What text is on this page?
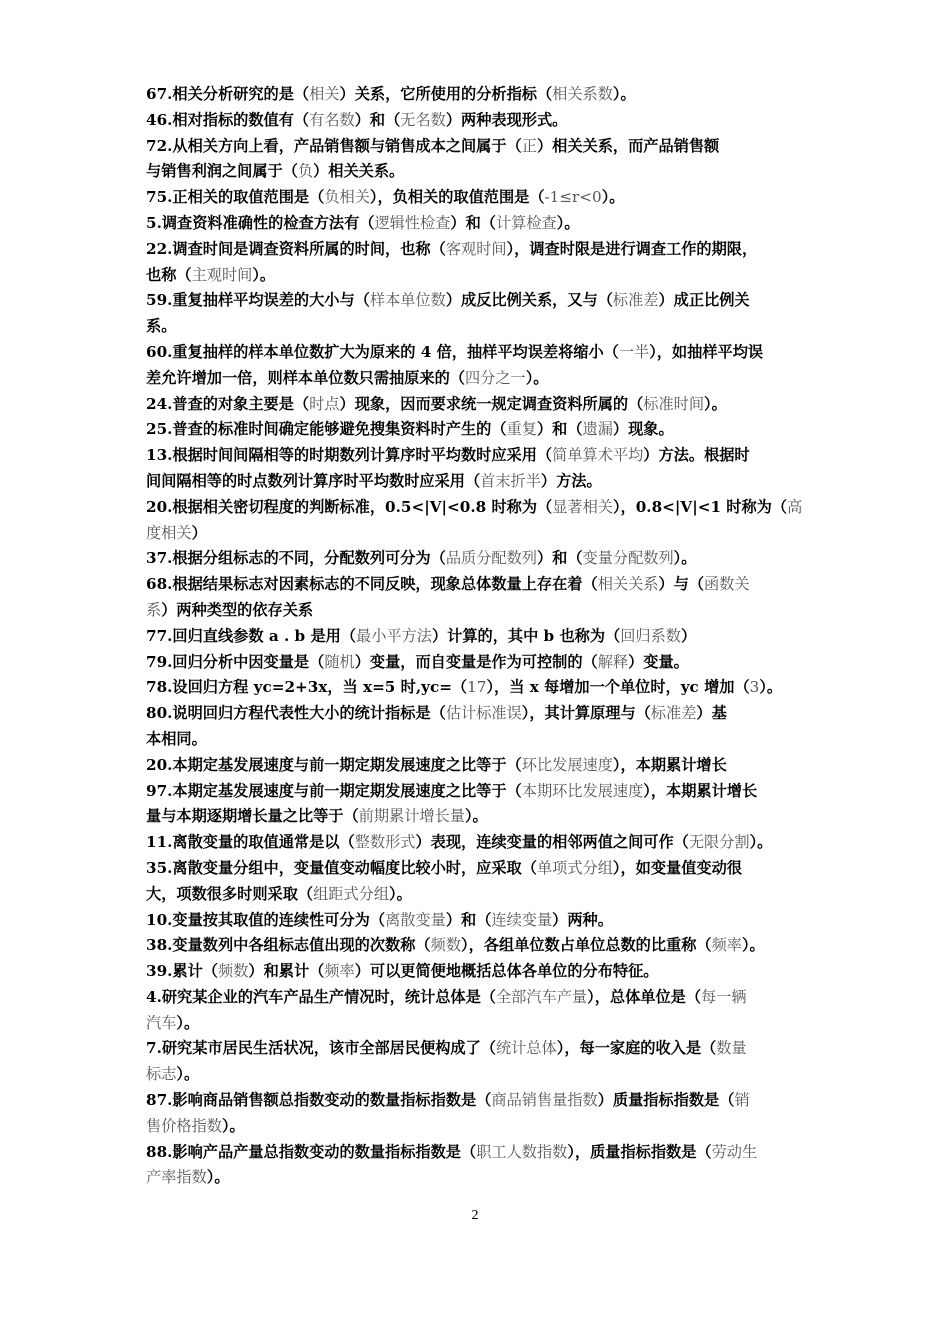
67.相关分析研究的是（相关）关系，它所使用的分析指标（相关系数）。
46.相对指标的数值有（有名数）和（无名数）两种表现形式。
72.从相关方向上看，产品销售额与销售成本之间属于（正）相关关系，而产品销售额
与销售利润之间属于（负）相关关系。
75.正相关的取值范围是（负相关），负相关的取值范围是（-1≤r<0）。
5.调查资料准确性的检查方法有（逻辑性检查）和（计算检查）。
22.调查时间是调查资料所属的时间，也称（客观时间），调查时限是进行调查工作的期限，
也称（主观时间）。
59.重复抽样平均误差的大小与（样本单位数）成反比例关系，又与（标准差）成正比例关
系。
60.重复抽样的样本单位数扩大为原来的 4 倍，抽样平均误差将缩小（一半），如抽样平均误
差允许增加一倍，则样本单位数只需抽原来的（四分之一）。
24.普查的对象主要是（时点）现象，因而要求统一规定调查资料所属的（标准时间）。
25.普查的标准时间确定能够避免搜集资料时产生的（重复）和（遗漏）现象。
13.根据时间间隔相等的时期数列计算序时平均数时应采用（简单算术平均）方法。根据时
间间隔相等的时点数列计算序时平均数时应采用（首末折半）方法。
20.根据相关密切程度的判断标准，0.5<|V|<0.8 时称为（显著相关），0.8<|V|<1 时称为（高
度相关）
37.根据分组标志的不同，分配数列可分为（品质分配数列）和（变量分配数列）。
68.根据结果标志对因素标志的不同反映，现象总体数量上存在着（相关关系）与（函数关
系）两种类型的依存关系
77.回归直线参数 a . b 是用（最小平方法）计算的，其中 b 也称为（回归系数）
79.回归分析中因变量是（随机）变量，而自变量是作为可控制的（解释）变量。
78.设回归方程 yc=2+3x，当 x=5 时,yc=（17），当 x 每增加一个单位时，yc 增加（3）。
80.说明回归方程代表性大小的统计指标是（估计标准误），其计算原理与（标准差）基
本相同。
20.本期定基发展速度与前一期定期发展速度之比等于（环比发展速度），本期累计增长
97.本期定基发展速度与前一期定期发展速度之比等于（本期环比发展速度），本期累计增长
量与本期逐期增长量之比等于（前期累计增长量）。
11.离散变量的取值通常是以（整数形式）表现，连续变量的相邻两值之间可作（无限分割）。
35.离散变量分组中，变量值变动幅度比较小时，应采取（单项式分组），如变量值变动很
大，项数很多时则采取（组距式分组）。
10.变量按其取值的连续性可分为（离散变量）和（连续变量）两种。
38.变量数列中各组标志值出现的次数称（频数），各组单位数占单位总数的比重称（频率）。
39.累计（频数）和累计（频率）可以更简便地概括总体各单位的分布特征。
4.研究某企业的汽车产品生产情况时，统计总体是（全部汽车产量），总体单位是（每一辆
汽车）。
7.研究某市居民生活状况，该市全部居民便构成了（统计总体），每一家庭的收入是（数量
标志）。
87.影响商品销售额总指数变动的数量指标指数是（商品销售量指数）质量指标指数是（销
售价格指数）。
88.影响产品产量总指数变动的数量指标指数是（职工人数指数），质量指标指数是（劳动生
产率指数）。
2
